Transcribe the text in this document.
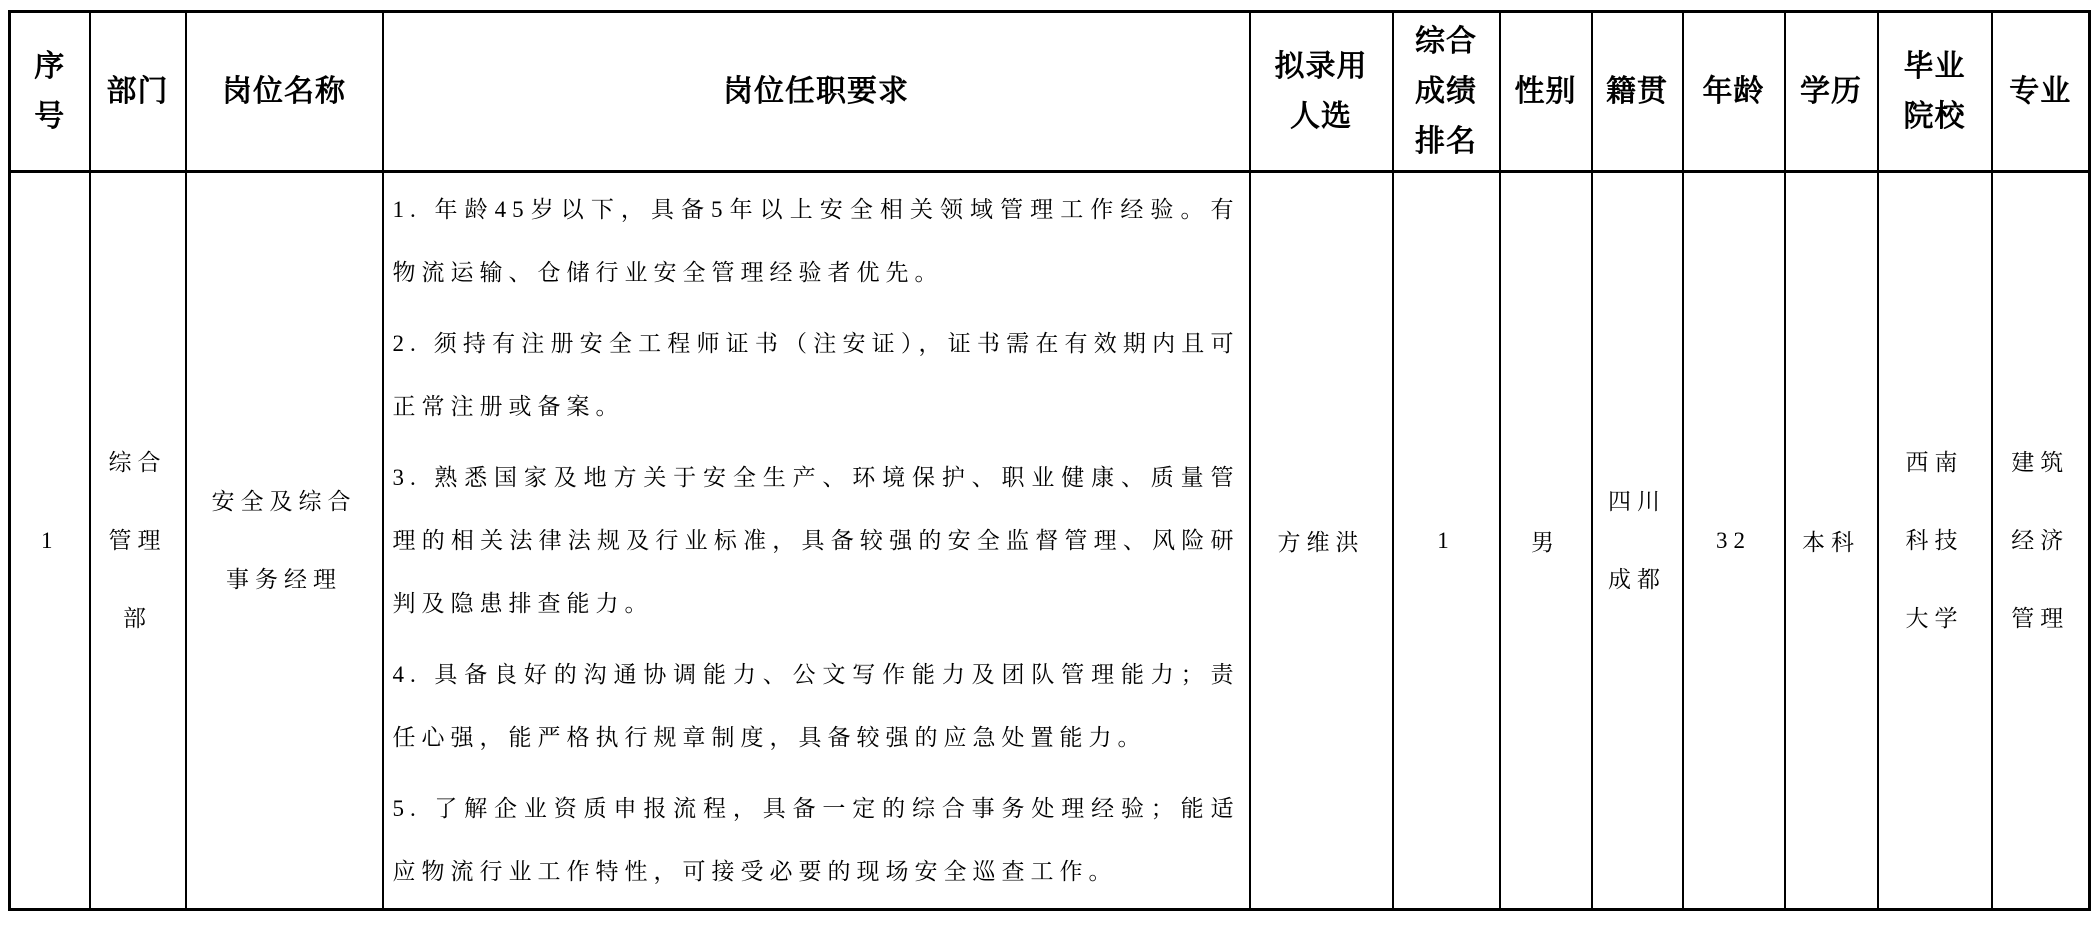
序号	部门	岗位名称	岗位任职要求	拟录用人选	综合成绩排名	性别	籍贯	年龄	学历	毕业院校	专业
1	综合管理部	安全及综合事务经理	1. 年龄45岁以下，具备5年以上安全相关领域管理工作经验。有物流运输、仓储行业安全管理经验者优先。

2. 须持有注册安全工程师证书（注安证），证书需在有效期内且可正常注册或备案。

3. 熟悉国家及地方关于安全生产、环境保护、职业健康、质量管理的相关法律法规及行业标准，具备较强的安全监督管理、风险研判及隐患排查能力。

4. 具备良好的沟通协调能力、公文写作能力及团队管理能力；责任心强，能严格执行规章制度，具备较强的应急处置能力。

5. 了解企业资质申报流程，具备一定的综合事务处理经验；能适应物流行业工作特性，可接受必要的现场安全巡查工作。	方维洪	1	男	四川成都	32	本科	西南科技大学	建筑经济管理
